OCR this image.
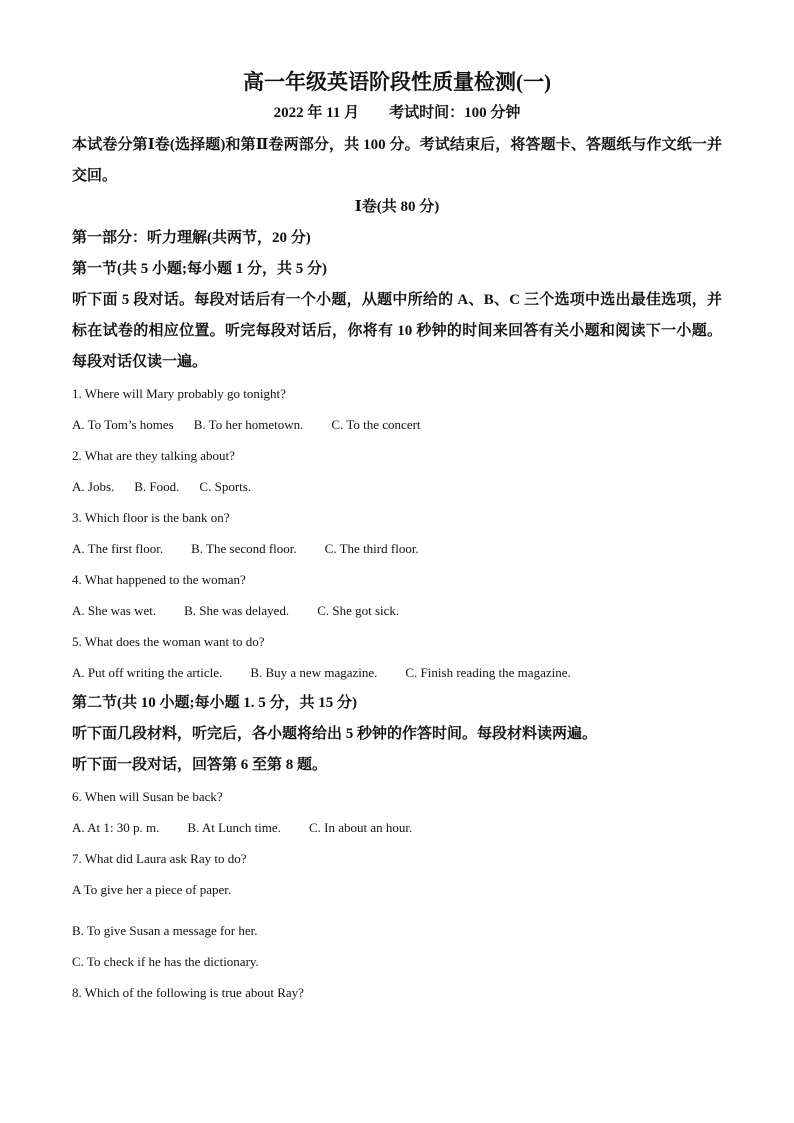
高一年级英语阶段性质量检测(一)
2022 年 11 月        考试时间：100 分钟

本试卷分第Ⅰ卷(选择题)和第Ⅱ卷两部分，共 100 分。考试结束后，将答题卡、答题纸与作文纸一并交回。

Ⅰ卷(共 80 分)

第一部分：听力理解(共两节，20 分)

第一节(共 5 小题;每小题 1 分，共 5 分)

听下面 5 段对话。每段对话后有一个小题，从题中所给的 A、B、C 三个选项中选出最佳选项，并标在试卷的相应位置。听完每段对话后，你将有 10 秒钟的时间来回答有关小题和阅读下一小题。每段对话仅读一遍。

1. Where will Mary probably go tonight?

A. To Tom’s homes B. To her hometown. C. To the concert

2. What are they talking about?

A. Jobs. B. Food. C. Sports.

3. Which floor is the bank on?

A. The first floor. B. The second floor. C. The third floor.

4. What happened to the woman?

A. She was wet. B. She was delayed. C. She got sick.

5. What does the woman want to do?

A. Put off writing the article. B. Buy a new magazine. C. Finish reading the magazine.

第二节(共 10 小题;每小题 1. 5 分，共 15 分)

听下面几段材料，听完后，各小题将给出 5 秒钟的作答时间。每段材料读两遍。

听下面一段对话，回答第 6 至第 8 题。

6. When will Susan be back?

A. At 1: 30 p. m. B. At Lunch time. C. In about an hour.

7. What did Laura ask Ray to do?

A To give her a piece of paper.

B. To give Susan a message for her.

C. To check if he has the dictionary.

8. Which of the following is true about Ray?
